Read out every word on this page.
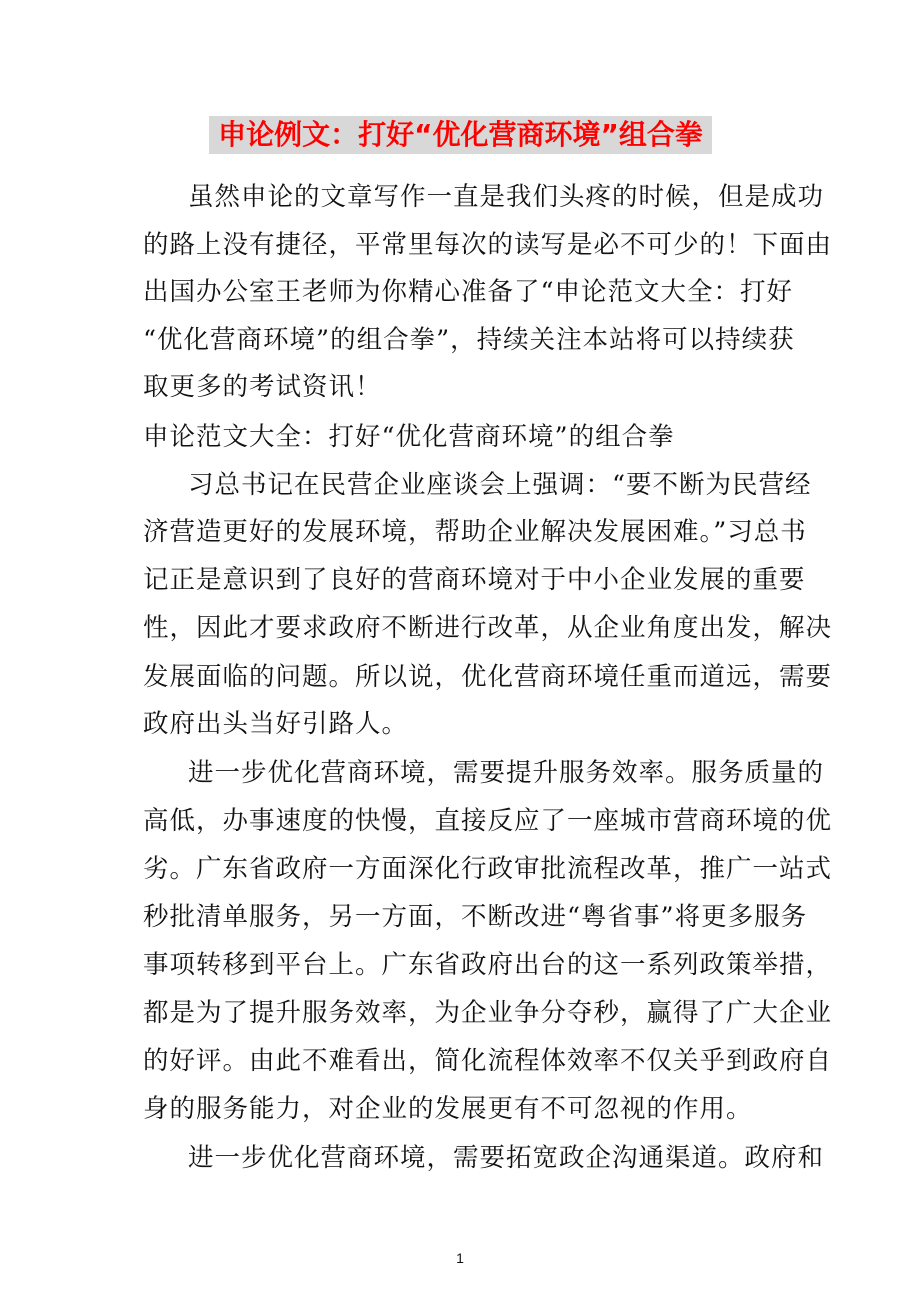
申论例文：打好“优化营商环境”组合拳
虽然申论的文章写作一直是我们头疼的时候，但是成功
的路上没有捷径，平常里每次的读写是必不可少的！下面由
出国办公室王老师为你精心准备了“申论范文大全：打好
“优化营商环境”的组合拳”，持续关注本站将可以持续获
取更多的考试资讯！
申论范文大全：打好“优化营商环境”的组合拳
习总书记在民营企业座谈会上强调：“要不断为民营经
济营造更好的发展环境，帮助企业解决发展困难。”习总书
记正是意识到了良好的营商环境对于中小企业发展的重要
性，因此才要求政府不断进行改革，从企业角度出发，解决
发展面临的问题。所以说，优化营商环境任重而道远，需要
政府出头当好引路人。
进一步优化营商环境，需要提升服务效率。服务质量的
高低，办事速度的快慢，直接反应了一座城市营商环境的优
劣。广东省政府一方面深化行政审批流程改革，推广一站式
秒批清单服务，另一方面，不断改进“粤省事”将更多服务
事项转移到平台上。广东省政府出台的这一系列政策举措，
都是为了提升服务效率，为企业争分夺秒，赢得了广大企业
的好评。由此不难看出，简化流程体效率不仅关乎到政府自
身的服务能力，对企业的发展更有不可忽视的作用。
进一步优化营商环境，需要拓宽政企沟通渠道。政府和
1
